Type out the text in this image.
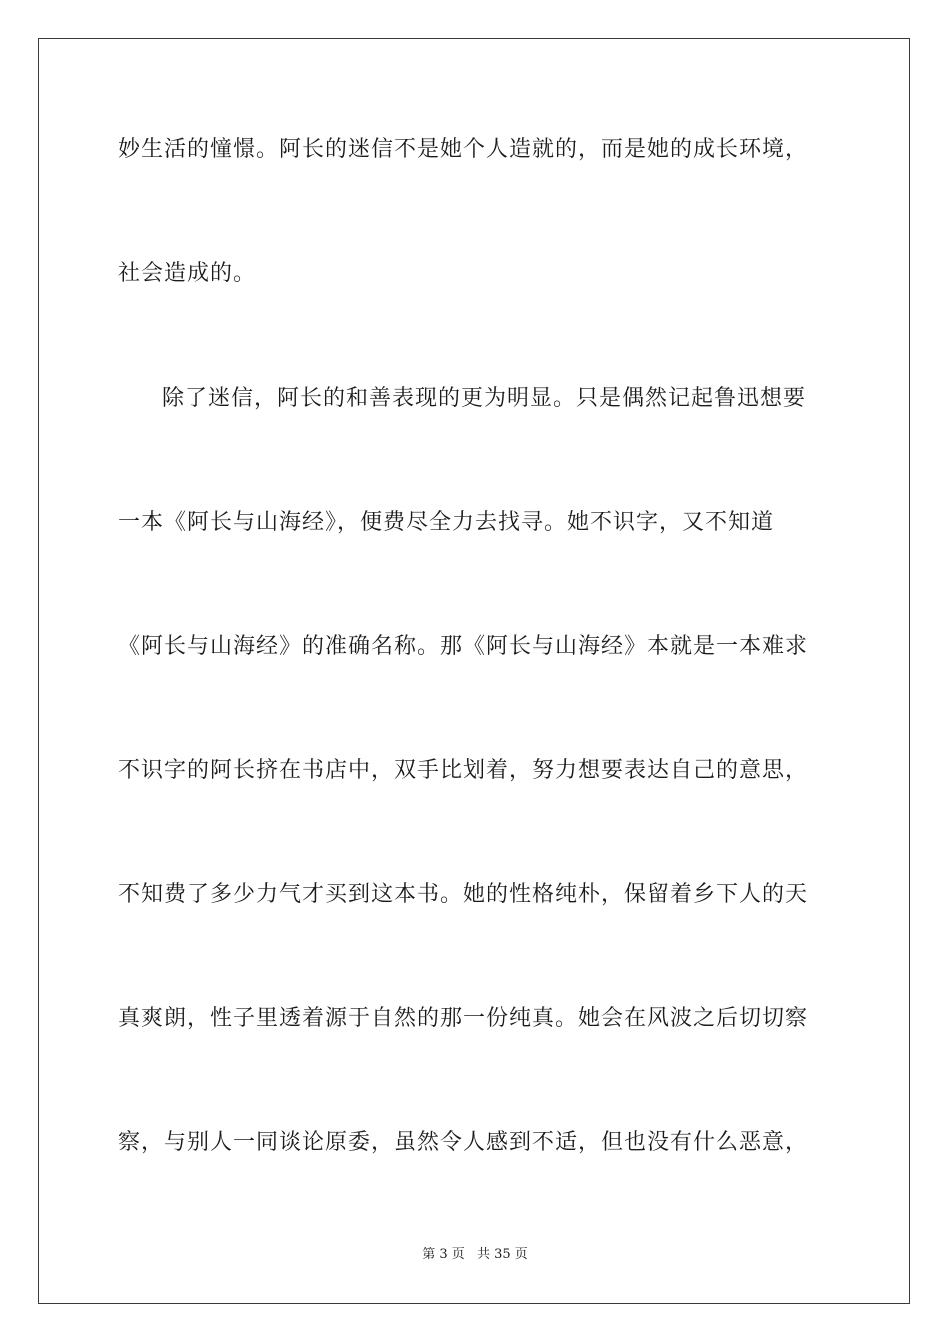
妙生活的憧憬。阿长的迷信不是她个人造就的，而是她的成长环境，
社会造成的。
除了迷信，阿长的和善表现的更为明显。只是偶然记起鲁迅想要
一本《阿长与山海经》，便费尽全力去找寻。她不识字，又不知道
《阿长与山海经》的准确名称。那《阿长与山海经》本就是一本难求
不识字的阿长挤在书店中，双手比划着，努力想要表达自己的意思，
不知费了多少力气才买到这本书。她的性格纯朴，保留着乡下人的天
真爽朗，性子里透着源于自然的那一份纯真。她会在风波之后切切察
察，与别人一同谈论原委，虽然令人感到不适，但也没有什么恶意，
第 3 页 共 35 页
